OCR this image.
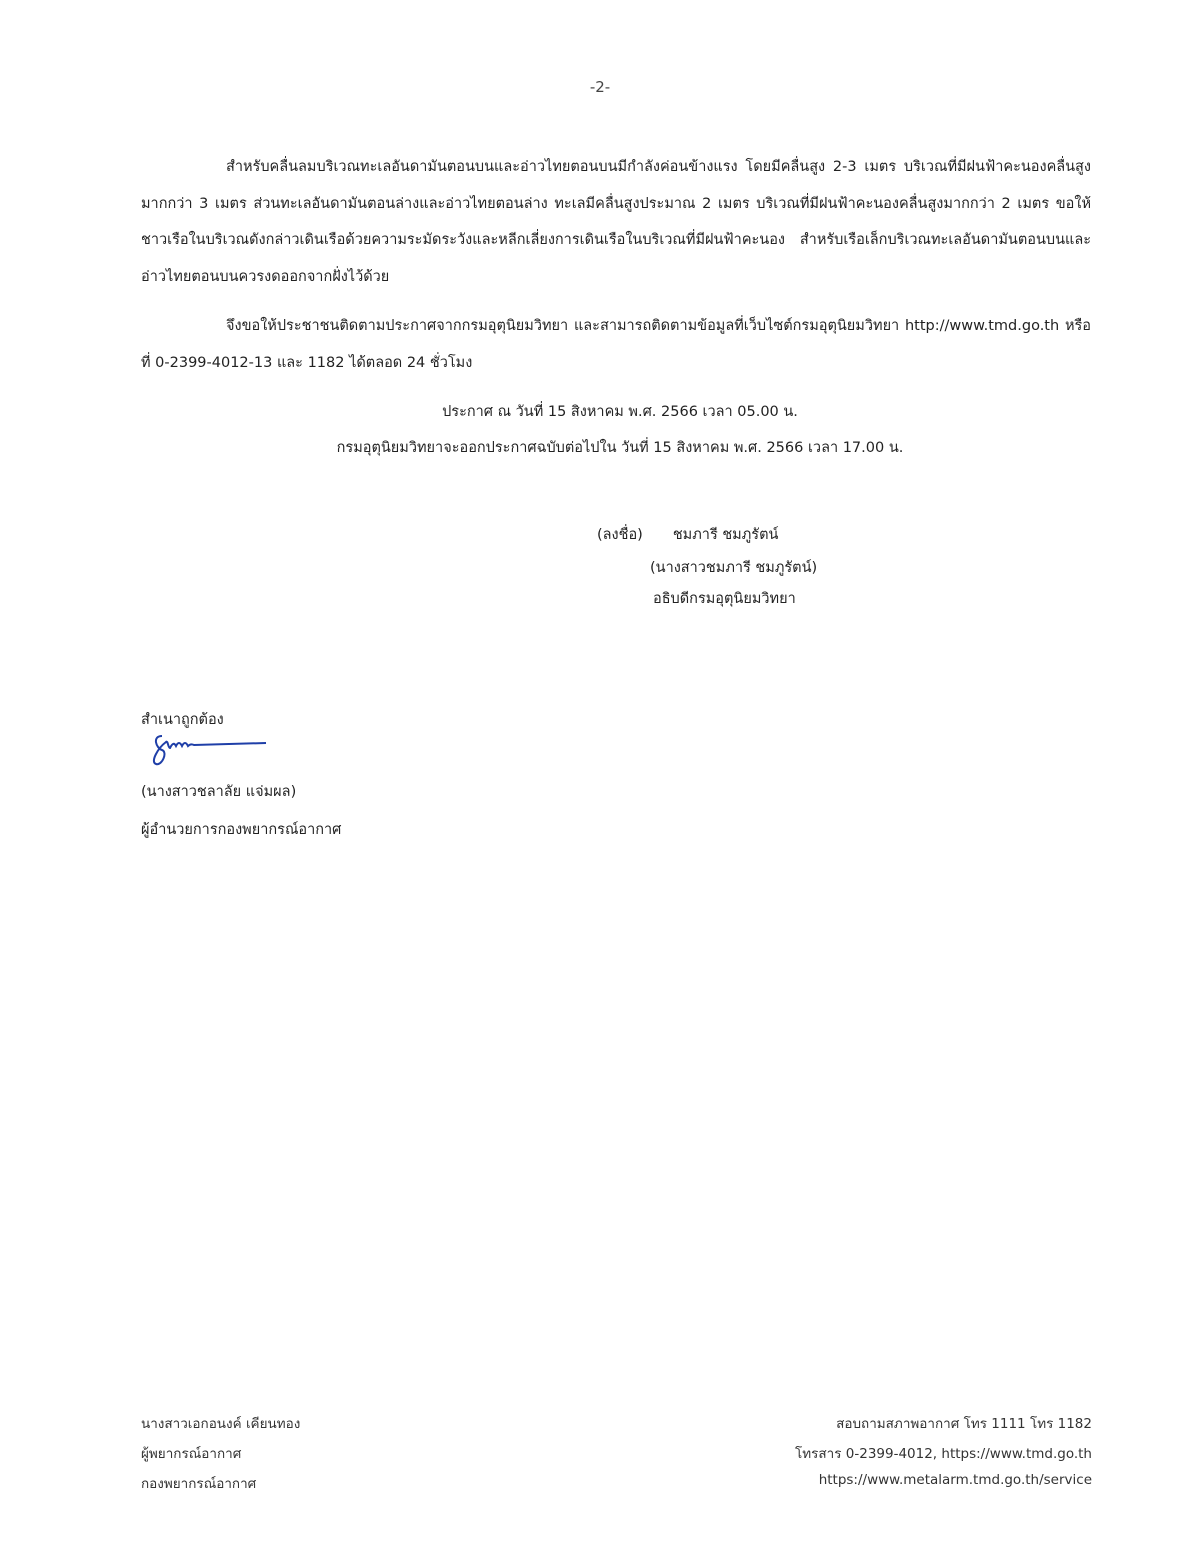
-2-
สำหรับคลื่นลมบริเวณทะเลอันดามันตอนบนและอ่าวไทยตอนบนมีกำลังค่อนข้างแรง โดยมีคลื่นสูง 2-3 เมตร บริเวณที่มีฝนฟ้าคะนองคลื่นสูงมากกว่า 3 เมตร ส่วนทะเลอันดามันตอนล่างและอ่าวไทยตอนล่าง ทะเลมีคลื่นสูงประมาณ 2 เมตร บริเวณที่มีฝนฟ้าคะนองคลื่นสูงมากกว่า 2 เมตร ขอให้ชาวเรือในบริเวณดังกล่าวเดินเรือด้วยความระมัดระวังและหลีกเลี่ยงการเดินเรือในบริเวณที่มีฝนฟ้าคะนอง สำหรับเรือเล็กบริเวณทะเลอันดามันตอนบนและอ่าวไทยตอนบนควรงดออกจากฝั่งไว้ด้วย
จึงขอให้ประชาชนติดตามประกาศจากกรมอุตุนิยมวิทยา และสามารถติดตามข้อมูลที่เว็บไซต์กรมอุตุนิยมวิทยา http://www.tmd.go.th หรือที่ 0-2399-4012-13 และ 1182 ได้ตลอด 24 ชั่วโมง
ประกาศ ณ วันที่ 15 สิงหาคม พ.ศ. 2566 เวลา 05.00 น.
กรมอุตุนิยมวิทยาจะออกประกาศฉบับต่อไปใน วันที่ 15 สิงหาคม พ.ศ. 2566 เวลา 17.00 น.
(ลงชื่อ) ชมภารี ชมภูรัตน์
(นางสาวชมภารี ชมภูรัตน์)
อธิบดีกรมอุตุนิยมวิทยา
สำเนาถูกต้อง
(นางสาวชลาลัย แจ่มผล)
ผู้อำนวยการกองพยากรณ์อากาศ
นางสาวเอกอนงค์ เคียนทอง
ผู้พยากรณ์อากาศ
กองพยากรณ์อากาศ
สอบถามสภาพอากาศ โทร 1111 โทร 1182
โทรสาร 0-2399-4012, https://www.tmd.go.th
https://www.metalarm.tmd.go.th/service
